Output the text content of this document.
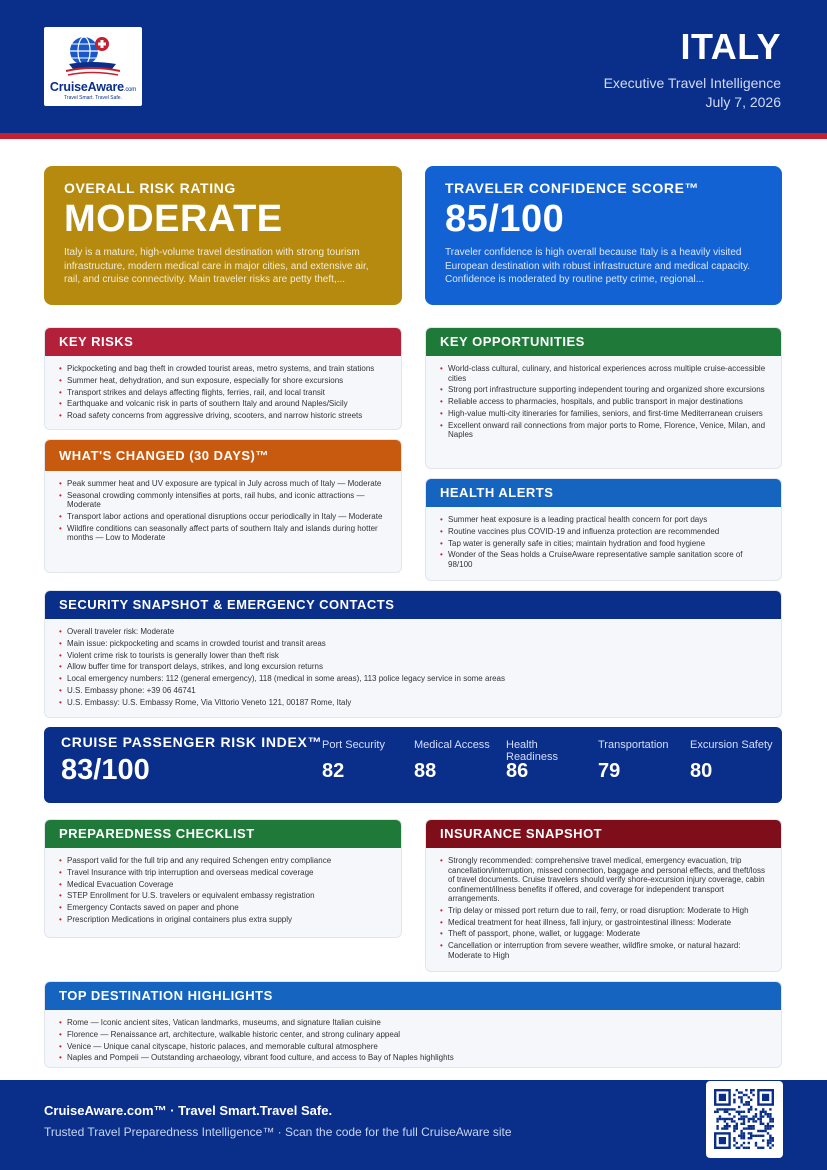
CruiseAware.com
Travel Smart. Travel Safe.
ITALY
Executive Travel Intelligence
July 7, 2026
OVERALL RISK RATING
MODERATE
Italy is a mature, high-volume travel destination with strong tourism infrastructure, modern medical care in major cities, and extensive air, rail, and cruise connectivity. Main traveler risks are petty theft,...
TRAVELER CONFIDENCE SCORE™
85/100
Traveler confidence is high overall because Italy is a heavily visited European destination with robust infrastructure and medical capacity. Confidence is moderated by routine petty crime, regional...
KEY RISKS
• Pickpocketing and bag theft in crowded tourist areas, metro systems, and train stations
• Summer heat, dehydration, and sun exposure, especially for shore excursions
• Transport strikes and delays affecting flights, ferries, rail, and local transit
• Earthquake and volcanic risk in parts of southern Italy and around Naples/Sicily
• Road safety concerns from aggressive driving, scooters, and narrow historic streets
KEY OPPORTUNITIES
• World-class cultural, culinary, and historical experiences across multiple cruise-accessible cities
• Strong port infrastructure supporting independent touring and organized shore excursions
• Reliable access to pharmacies, hospitals, and public transport in major destinations
• High-value multi-city itineraries for families, seniors, and first-time Mediterranean cruisers
• Excellent onward rail connections from major ports to Rome, Florence, Venice, Milan, and Naples
WHAT'S CHANGED (30 DAYS)™
• Peak summer heat and UV exposure are typical in July across much of Italy — Moderate
• Seasonal crowding commonly intensifies at ports, rail hubs, and iconic attractions — Moderate
• Transport labor actions and operational disruptions occur periodically in Italy — Moderate
• Wildfire conditions can seasonally affect parts of southern Italy and islands during hotter months — Low to Moderate
HEALTH ALERTS
• Summer heat exposure is a leading practical health concern for port days
• Routine vaccines plus COVID-19 and influenza protection are recommended
• Tap water is generally safe in cities; maintain hydration and food hygiene
• Wonder of the Seas holds a CruiseAware representative sample sanitation score of 98/100
SECURITY SNAPSHOT & EMERGENCY CONTACTS
• Overall traveler risk: Moderate
• Main issue: pickpocketing and scams in crowded tourist and transit areas
• Violent crime risk to tourists is generally lower than theft risk
• Allow buffer time for transport delays, strikes, and long excursion returns
• Local emergency numbers: 112 (general emergency), 118 (medical in some areas), 113 police legacy service in some areas
• U.S. Embassy phone: +39 06 46741
• U.S. Embassy: U.S. Embassy Rome, Via Vittorio Veneto 121, 00187 Rome, Italy
CRUISE PASSENGER RISK INDEX™
83/100
Port Security
82
Medical Access
88
Health Readiness
86
Transportation
79
Excursion Safety
80
PREPAREDNESS CHECKLIST
• Passport valid for the full trip and any required Schengen entry compliance
• Travel Insurance with trip interruption and overseas medical coverage
• Medical Evacuation Coverage
• STEP Enrollment for U.S. travelers or equivalent embassy registration
• Emergency Contacts saved on paper and phone
• Prescription Medications in original containers plus extra supply
INSURANCE SNAPSHOT
• Strongly recommended: comprehensive travel medical, emergency evacuation, trip cancellation/interruption, missed connection, baggage and personal effects, and theft/loss of travel documents. Cruise travelers should verify shore-excursion injury coverage, cabin confinement/illness benefits if offered, and coverage for independent transport arrangements.
• Trip delay or missed port return due to rail, ferry, or road disruption: Moderate to High
• Medical treatment for heat illness, fall injury, or gastrointestinal illness: Moderate
• Theft of passport, phone, wallet, or luggage: Moderate
• Cancellation or interruption from severe weather, wildfire smoke, or natural hazard: Moderate to High
TOP DESTINATION HIGHLIGHTS
• Rome — Iconic ancient sites, Vatican landmarks, museums, and signature Italian cuisine
• Florence — Renaissance art, architecture, walkable historic center, and strong culinary appeal
• Venice — Unique canal cityscape, historic palaces, and memorable cultural atmosphere
• Naples and Pompeii — Outstanding archaeology, vibrant food culture, and access to Bay of Naples highlights
CruiseAware.com™ · Travel Smart.Travel Safe.
Trusted Travel Preparedness Intelligence™ · Scan the code for the full CruiseAware site
